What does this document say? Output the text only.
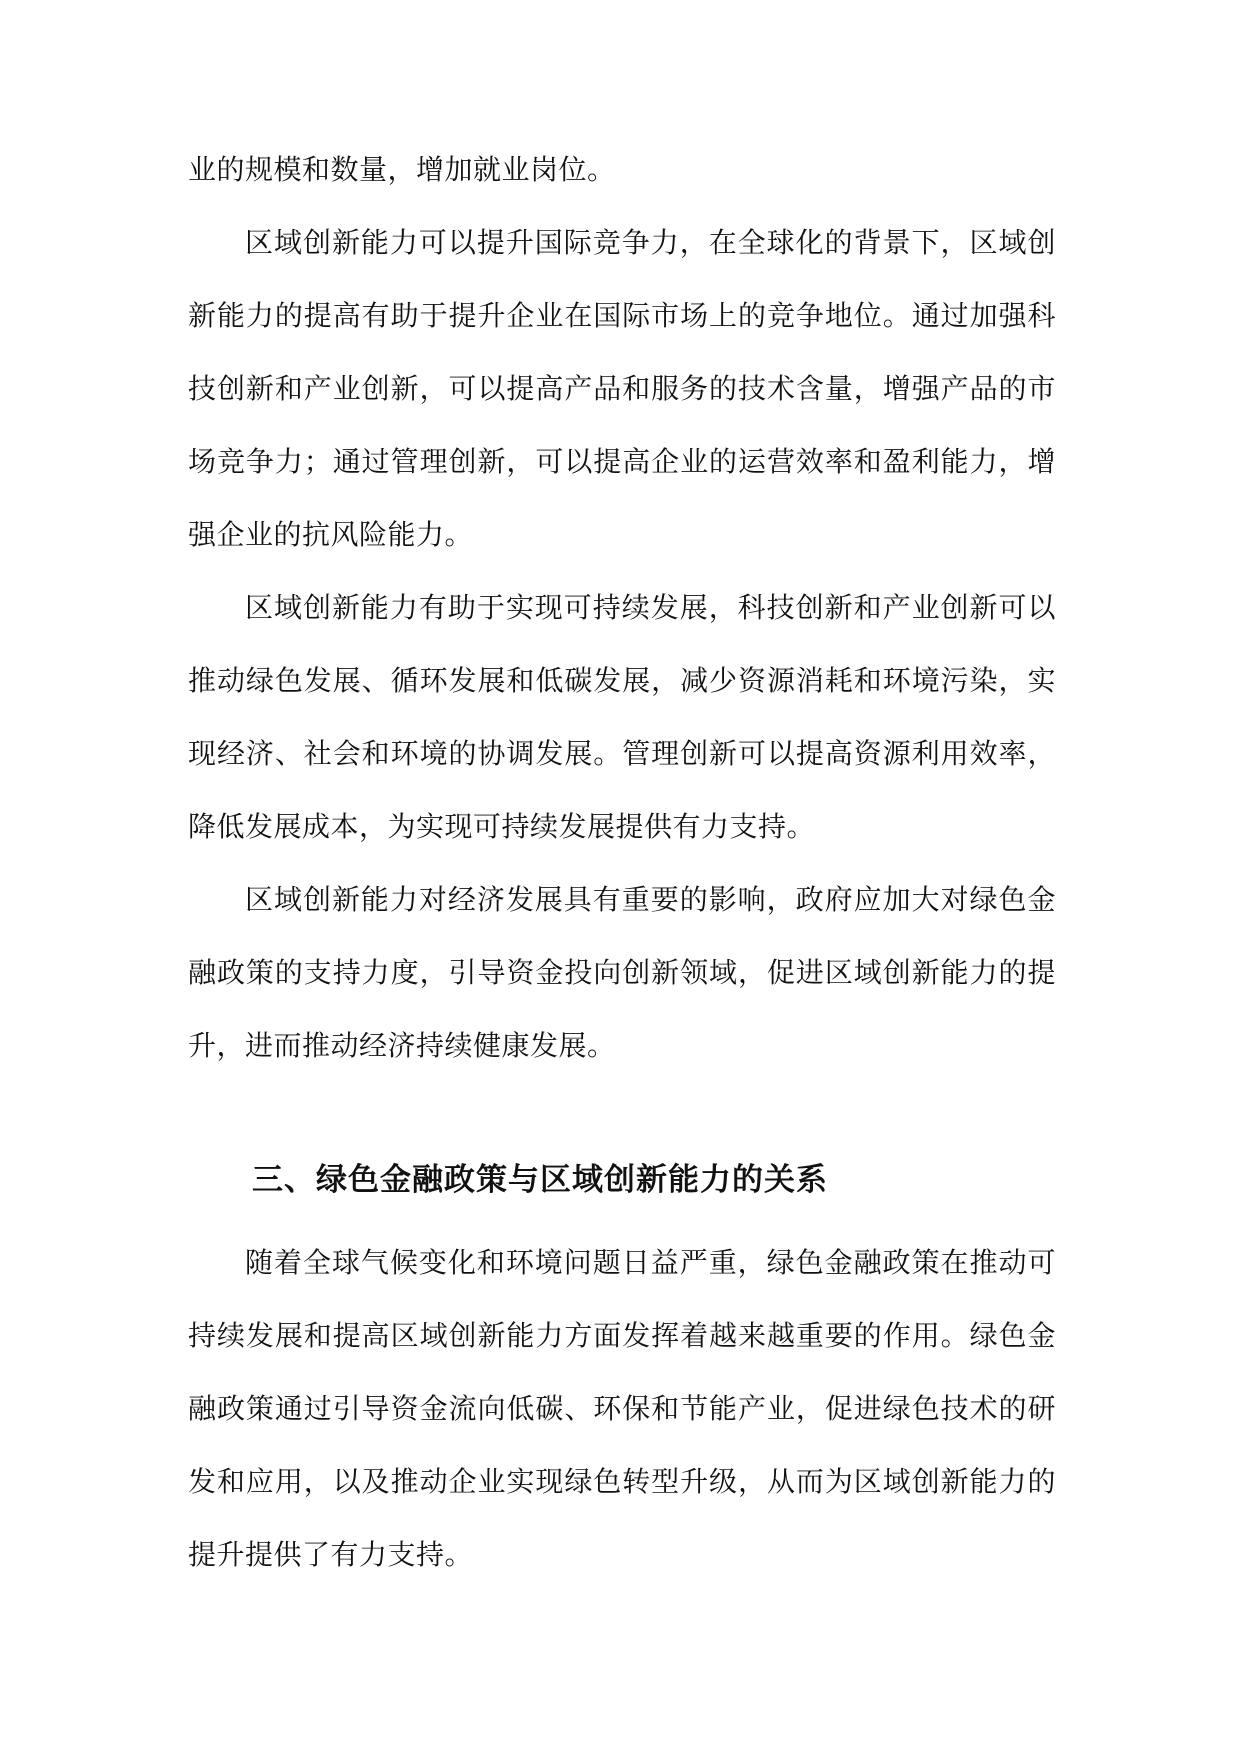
业的规模和数量，增加就业岗位。

区域创新能力可以提升国际竞争力，在全球化的背景下，区域创新能力的提高有助于提升企业在国际市场上的竞争地位。通过加强科技创新和产业创新，可以提高产品和服务的技术含量，增强产品的市场竞争力；通过管理创新，可以提高企业的运营效率和盈利能力，增强企业的抗风险能力。

区域创新能力有助于实现可持续发展，科技创新和产业创新可以推动绿色发展、循环发展和低碳发展，减少资源消耗和环境污染，实现经济、社会和环境的协调发展。管理创新可以提高资源利用效率，降低发展成本，为实现可持续发展提供有力支持。

区域创新能力对经济发展具有重要的影响，政府应加大对绿色金融政策的支持力度，引导资金投向创新领域，促进区域创新能力的提升，进而推动经济持续健康发展。

三、绿色金融政策与区域创新能力的关系

随着全球气候变化和环境问题日益严重，绿色金融政策在推动可持续发展和提高区域创新能力方面发挥着越来越重要的作用。绿色金融政策通过引导资金流向低碳、环保和节能产业，促进绿色技术的研发和应用，以及推动企业实现绿色转型升级，从而为区域创新能力的提升提供了有力支持。
